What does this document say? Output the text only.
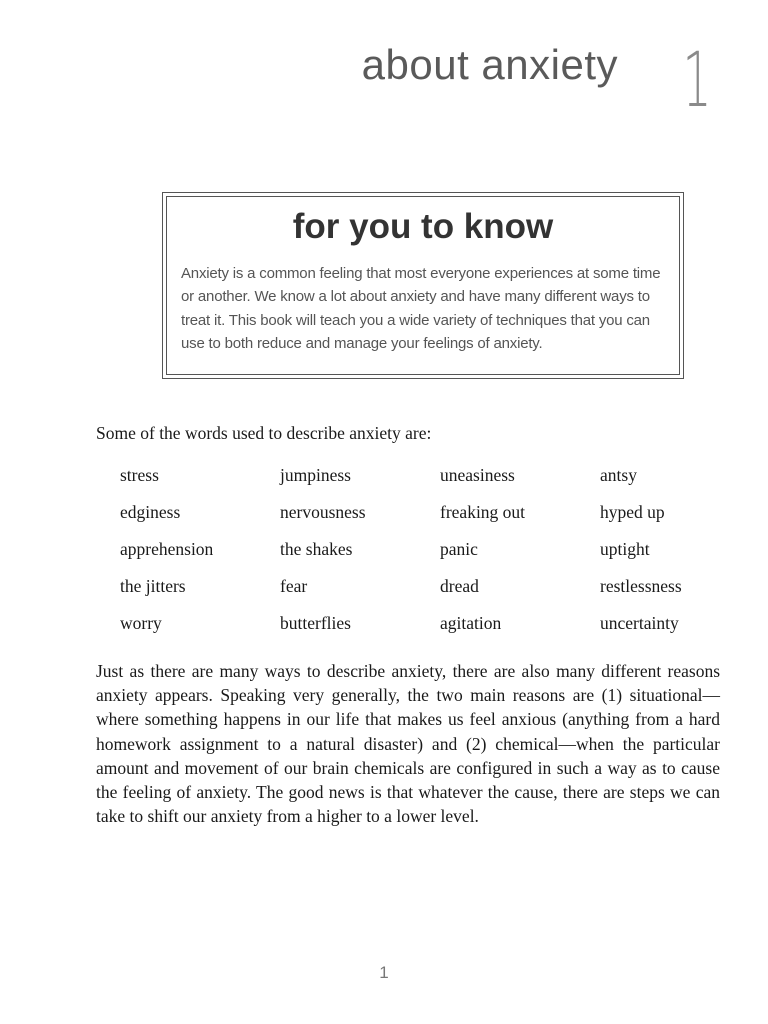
about anxiety 1
for you to know

Anxiety is a common feeling that most everyone experiences at some time or another. We know a lot about anxiety and have many different ways to treat it. This book will teach you a wide variety of techniques that you can use to both reduce and manage your feelings of anxiety.

Some of the words used to describe anxiety are:

stress	jumpiness	uneasiness	antsy
edginess	nervousness	freaking out	hyped up
apprehension	the shakes	panic	uptight
the jitters	fear	dread	restlessness
worry	butterflies	agitation	uncertainty

Just as there are many ways to describe anxiety, there are also many different reasons anxiety appears. Speaking very generally, the two main reasons are (1) situational—where something happens in our life that makes us feel anxious (anything from a hard homework assignment to a natural disaster) and (2) chemical—when the particular amount and movement of our brain chemicals are configured in such a way as to cause the feeling of anxiety. The good news is that whatever the cause, there are steps we can take to shift our anxiety from a higher to a lower level.

1
